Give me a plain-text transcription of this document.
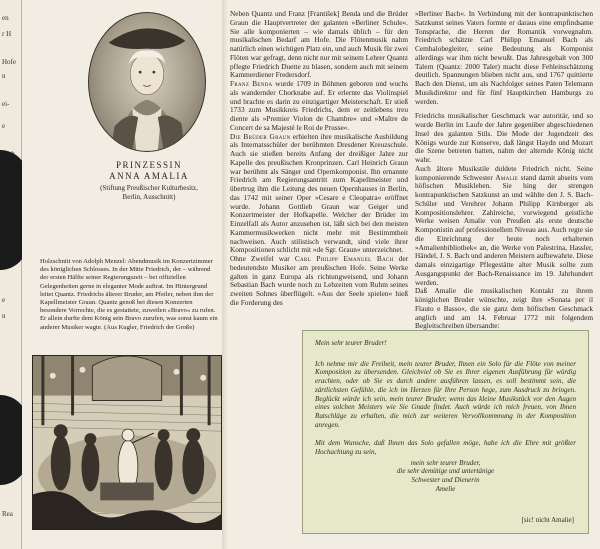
en
r H
Hofe
n
ei-
e
e
n
Rea
PRINZESSIN
ANNA AMALIA
(Stiftung Preußischer Kulturbesitz, Berlin, Ausschnitt)
Holzschnitt von Adolph Menzel: Abendmusik im Konzertzimmer des königlichen Schlosses. In der Mitte Friedrich, der – während der ersten Hälfte seiner Regierungszeit – bei offiziellen Gelegenheiten gerne in eleganter Mode auftrat. Im Hintergrund leitet Quantz. Friedrichs älterer Bruder, am Pfeiler, neben ihm der Kapellmeister Graun. Quantz genoß bei diesen Konzerten besondere Vorrechte, die es gestattete, zuweilen »Bravo« zu rufen. Er allein durfte dem König sein Bravo zurufen, was sonst kaum ein anderer Musiker wagte. (Aus Kugler, Friedrich der Große)

Neben Quantz und Franz [František] Benda und die Brüder Graun die Hauptvertreter der galanten »Berliner Schule«. Sie alle komponierten – wie damals üblich – für den musikalischen Bedarf am Hofe. Die Flötenmusik nahm natürlich einen wichtigen Platz ein, und auch Musik für zwei Flöten war gefragt, denn nicht nur mit seinem Lehrer Quantz pflegte Friedrich Duette zu blasen, sondern auch mit seinem Kammerdiener Fredersdorf.

Franz Benda wurde 1709 in Böhmen geboren und wuchs als wandernder Chorknabe auf. Er erlernte das Violinspiel und brachte es darin zu einzigartiger Meisterschaft. Er stieß 1733 zum Musikkreis Friedrichs, dem er zeitlebens treu diente als »Premier Violon de Chambre« und »Maître de Concert de sa Majesté le Roi de Prusse«.

Die Brüder Graun erhielten ihre musikalische Ausbildung als Internatsschüler der berühmten Dresdener Kreuzschule. Auch sie stießen bereits Anfang der dreißiger Jahre zur Kapelle des preußischen Kronprinzen. Carl Heinrich Graun war berühmt als Sänger und Opernkomponist. Ihn ernannte Friedrich am Regierungsantritt zum Kapellmeister und übertrug ihm die Leitung des neuen Opernhauses in Berlin, das 1742 mit seiner Oper »Cesare e Cleopatra« eröffnet wurde. Johann Gottlieb Graun war Geiger und Konzertmeister der Hofkapelle. Welcher der Brüder im Einzelfall als Autor anzusehen ist, läßt sich bei den meisten Kammermusikwerken nicht mehr mit Bestimmtheit nachweisen. Auch stilistisch verwandt, sind viele ihrer Kompositionen schlicht mit »de Sgr. Graun« unterzeichnet.

Ohne Zweifel war Carl Philipp Emanuel Bach der bedeutendste Musiker am preußischen Hofe. Seine Werke galten in ganz Europa als richtungweisend, und Johann Sebastian Bach wurde noch zu Lebzeiten vom Ruhm seines zweiten Sohnes überflügelt. »Aus der Seele spielen« hieß die Forderung des

»Berliner Bach«. In Verbindung mit der kontrapunktischen Satzkunst seines Vaters formte er daraus eine empfindsame Tonsprache, die Herren der Romantik vorwegnahm. Friedrich schätzte Carl Philipp Emanuel Bach als Cembalobegleiter, seine Bedeutung als Komponist allerdings war ihm nicht bewußt. Das Jahresgehalt von 300 Talern (Quantz: 2000 Taler) macht diese Fehleinschätzung deutlich. Spannungen blieben nicht aus, und 1767 quittierte Bach den Dienst, um als Nachfolger seines Paten Telemann Musikdirektor und für fünf Hauptkirchen Hamburgs zu werden.

Friedrichs musikalischer Geschmack war autoritär, und so wurde Berlin im Laufe der Jahre gegenüber abgeschiedenen Insel des galanten Stils. Die Mode der Jugendzeit des Königs wurde zur Konserve, daß längst Haydn und Mozart die Szene betreten hatten, nahm der alternde König nicht wahr.

Auch ältere Musikstile duldete Friedrich nicht. Seine komponierende Schwester Amalie stand damit abseits vom höfischen Musikleben. Sie hing der strengen kontrapunktischen Satzkunst an und wählte den J. S. Bach-Schüler und Verehrer Johann Philipp Kirnberger als Kompositionslehrer. Zahlreiche, vorwiegend geistliche Werke weisen Amalie von Preußen als erste deutsche Komponistin auf professionellem Niveau aus. Auch regte sie die Einrichtung der heute noch erhaltenen »Amalienbibliothek« an, die Werke von Palestrina, Hassler, Händel, J. S. Bach und anderen Meistern aufbewahrte. Diese damals einzigartige Pflegestätte alter Musik sollte zum Ausgangspunkt der Bach-Renaissance im 19. Jahrhundert werden.

Daß Amalie die musikalischen Kontakt zu ihrem königlichen Bruder wünschte, zeigt ihre »Sonata per il Flauto e Basso«, die sie ganz dem höfischen Geschmack anglich und am 14. Februar 1772 mit folgendem Begleitschreiben übersandte:

Mein sehr teurer Bruder!
Ich nehme mir die Freiheit, mein teurer Bruder, Ihnen ein Solo für die Flöte von meiner Komposition zu übersenden. Gleichviel ob Sie es Ihrer eigenen Ausführung für würdig erachten, oder ob Sie es durch andere ausführen lassen, es soll bestimmt sein, die zärtlichsten Gefühle, die ich im Herzen für Ihre Person hege, zum Ausdruck zu bringen. Beglückt würde ich sein, mein teurer Bruder, wenn das kleine Musikstück vor den Augen eines solchen Meisters wie Sie Gnade findet. Auch würde ich mich freuen, von Ihnen Ratschläge zu erhalten, die mich zur weiteren Vervollkommnung in der Komposition anregen.
Mit dem Wunsche, daß Ihnen das Solo gefallen möge, habe ich die Ehre mit größter Hochachtung zu sein,
mein sehr teurer Bruder,
die sehr demütige und untertänige
Schwester und Dienerin
Amelie
[sic! nicht Amalie]
